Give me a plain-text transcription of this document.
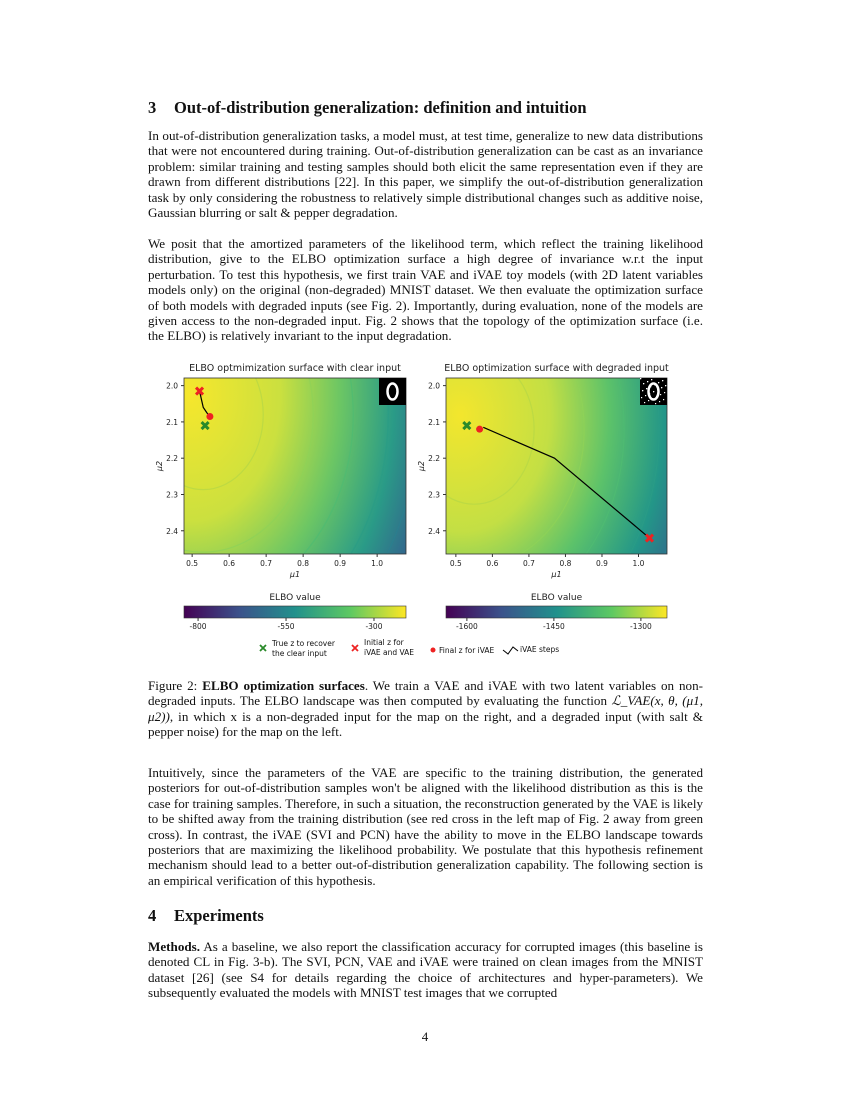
3 Out-of-distribution generalization: definition and intuition
In out-of-distribution generalization tasks, a model must, at test time, generalize to new data distributions that were not encountered during training. Out-of-distribution generalization can be cast as an invariance problem: similar training and testing samples should both elicit the same representation even if they are drawn from different distributions [22]. In this paper, we simplify the out-of-distribution generalization task by only considering the robustness to relatively simple distributional changes such as additive noise, Gaussian blurring or salt & pepper degradation.
We posit that the amortized parameters of the likelihood term, which reflect the training likelihood distribution, give to the ELBO optimization surface a high degree of invariance w.r.t the input perturbation. To test this hypothesis, we first train VAE and iVAE toy models (with 2D latent variables models only) on the original (non-degraded) MNIST dataset. We then evaluate the optimization surface of both models with degraded inputs (see Fig. 2). Importantly, during evaluation, none of the models are given access to the non-degraded input. Fig. 2 shows that the topology of the optimization surface (i.e. the ELBO) is relatively invariant to the input degradation.
ELBO optmimization surface with clear input
0.5	0.6	0.7	0.8	0.9	1.0
2.0
2.1
2.2
2.3
2.4
μ1
μ2
ELBO value
-800	-550	-300
ELBO optimization surface with degraded input
0.5	0.6	0.7	0.8	0.9	1.0
2.0
2.1
2.2
2.3
2.4
μ1
μ2
ELBO value
-1600	-1450	-1300
True z to recover
the clear input
Initial z for
iVAE and VAE	Final z for iVAE	iVAE steps
Figure 2: ELBO optimization surfaces. We train a VAE and iVAE with two latent variables on non-degraded inputs. The ELBO landscape was then computed by evaluating the function ℒ_VAE(x, θ, (μ1, μ2)), in which x is a non-degraded input for the map on the right, and a degraded input (with salt & pepper noise) for the map on the left.
Intuitively, since the parameters of the VAE are specific to the training distribution, the generated posteriors for out-of-distribution samples won't be aligned with the likelihood distribution as this is the case for training samples. Therefore, in such a situation, the reconstruction generated by the VAE is likely to be shifted away from the training distribution (see red cross in the left map of Fig. 2 away from green cross). In contrast, the iVAE (SVI and PCN) have the ability to move in the ELBO landscape towards posteriors that are maximizing the likelihood probability. We postulate that this hypothesis refinement mechanism should lead to a better out-of-distribution generalization capability. The following section is an empirical verification of this hypothesis.
4 Experiments
Methods. As a baseline, we also report the classification accuracy for corrupted images (this baseline is denoted CL in Fig. 3-b). The SVI, PCN, VAE and iVAE were trained on clean images from the MNIST dataset [26] (see S4 for details regarding the choice of architectures and hyper-parameters). We subsequently evaluated the models with MNIST test images that we corrupted
4
